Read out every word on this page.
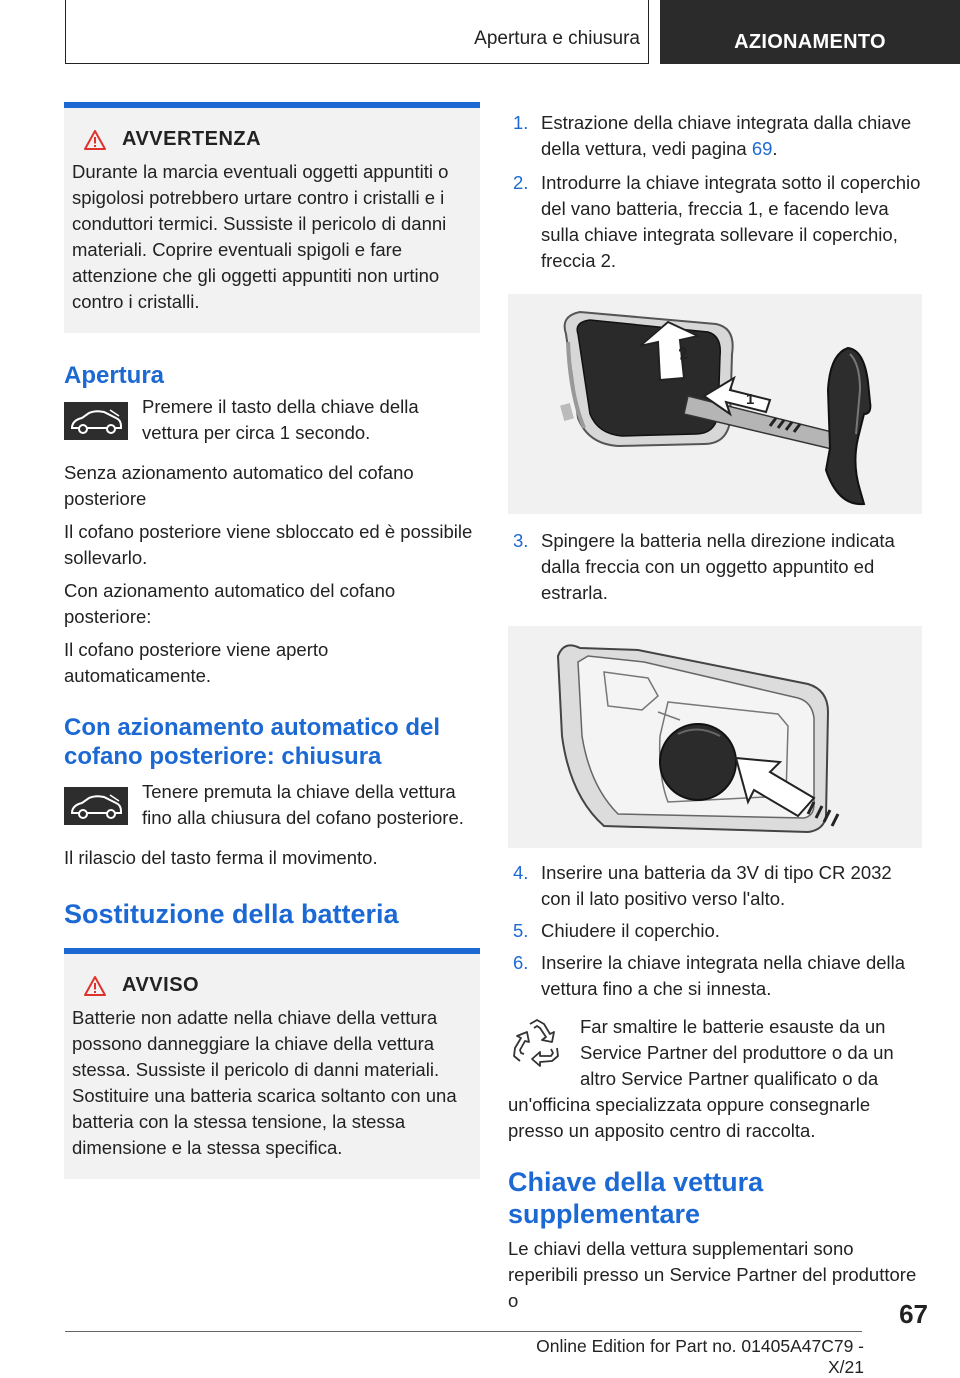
Apertura e chiusura	AZIONAMENTO
AVVERTENZA
Durante la marcia eventuali oggetti appuntiti o spigolosi potrebbero urtare contro i cristalli e i conduttori termici. Sussiste il pericolo di danni materiali. Coprire eventuali spigoli e fare attenzione che gli oggetti appuntiti non urtino contro i cristalli.
Apertura

Premere il tasto della chiave della vettura per circa 1 secondo.

Senza azionamento automatico del cofano posteriore

Il cofano posteriore viene sbloccato ed è possibile sollevarlo.

Con azionamento automatico del cofano posteriore:

Il cofano posteriore viene aperto automaticamente.

Con azionamento automatico del cofano posteriore: chiusura

Tenere premuta la chiave della vettura fino alla chiusura del cofano posteriore.

Il rilascio del tasto ferma il movimento.

Sostituzione della batteria
AVVISO
Batterie non adatte nella chiave della vettura possono danneggiare la chiave della vettura stessa. Sussiste il pericolo di danni materiali. Sostituire una batteria scarica soltanto con una batteria con la stessa tensione, la stessa dimensione e la stessa specifica.
1. Estrazione della chiave integrata dalla chiave della vettura, vedi pagina 69.
2. Introdurre la chiave integrata sotto il coperchio del vano batteria, freccia 1, e facendo leva sulla chiave integrata sollevare il coperchio, freccia 2.
2
1
3. Spingere la batteria nella direzione indicata dalla freccia con un oggetto appuntito ed estrarla.
4. Inserire una batteria da 3V di tipo CR 2032 con il lato positivo verso l'alto.
5. Chiudere il coperchio.
6. Inserire la chiave integrata nella chiave della vettura fino a che si innesta.

Far smaltire le batterie esauste da un Service Partner del produttore o da un altro Service Partner qualificato o da un'officina specializzata oppure consegnarle presso un apposito centro di raccolta.

Chiave della vettura supplementare

Le chiavi della vettura supplementari sono reperibili presso un Service Partner del produttore o	67
Online Edition for Part no. 01405A47C79 - X/21
